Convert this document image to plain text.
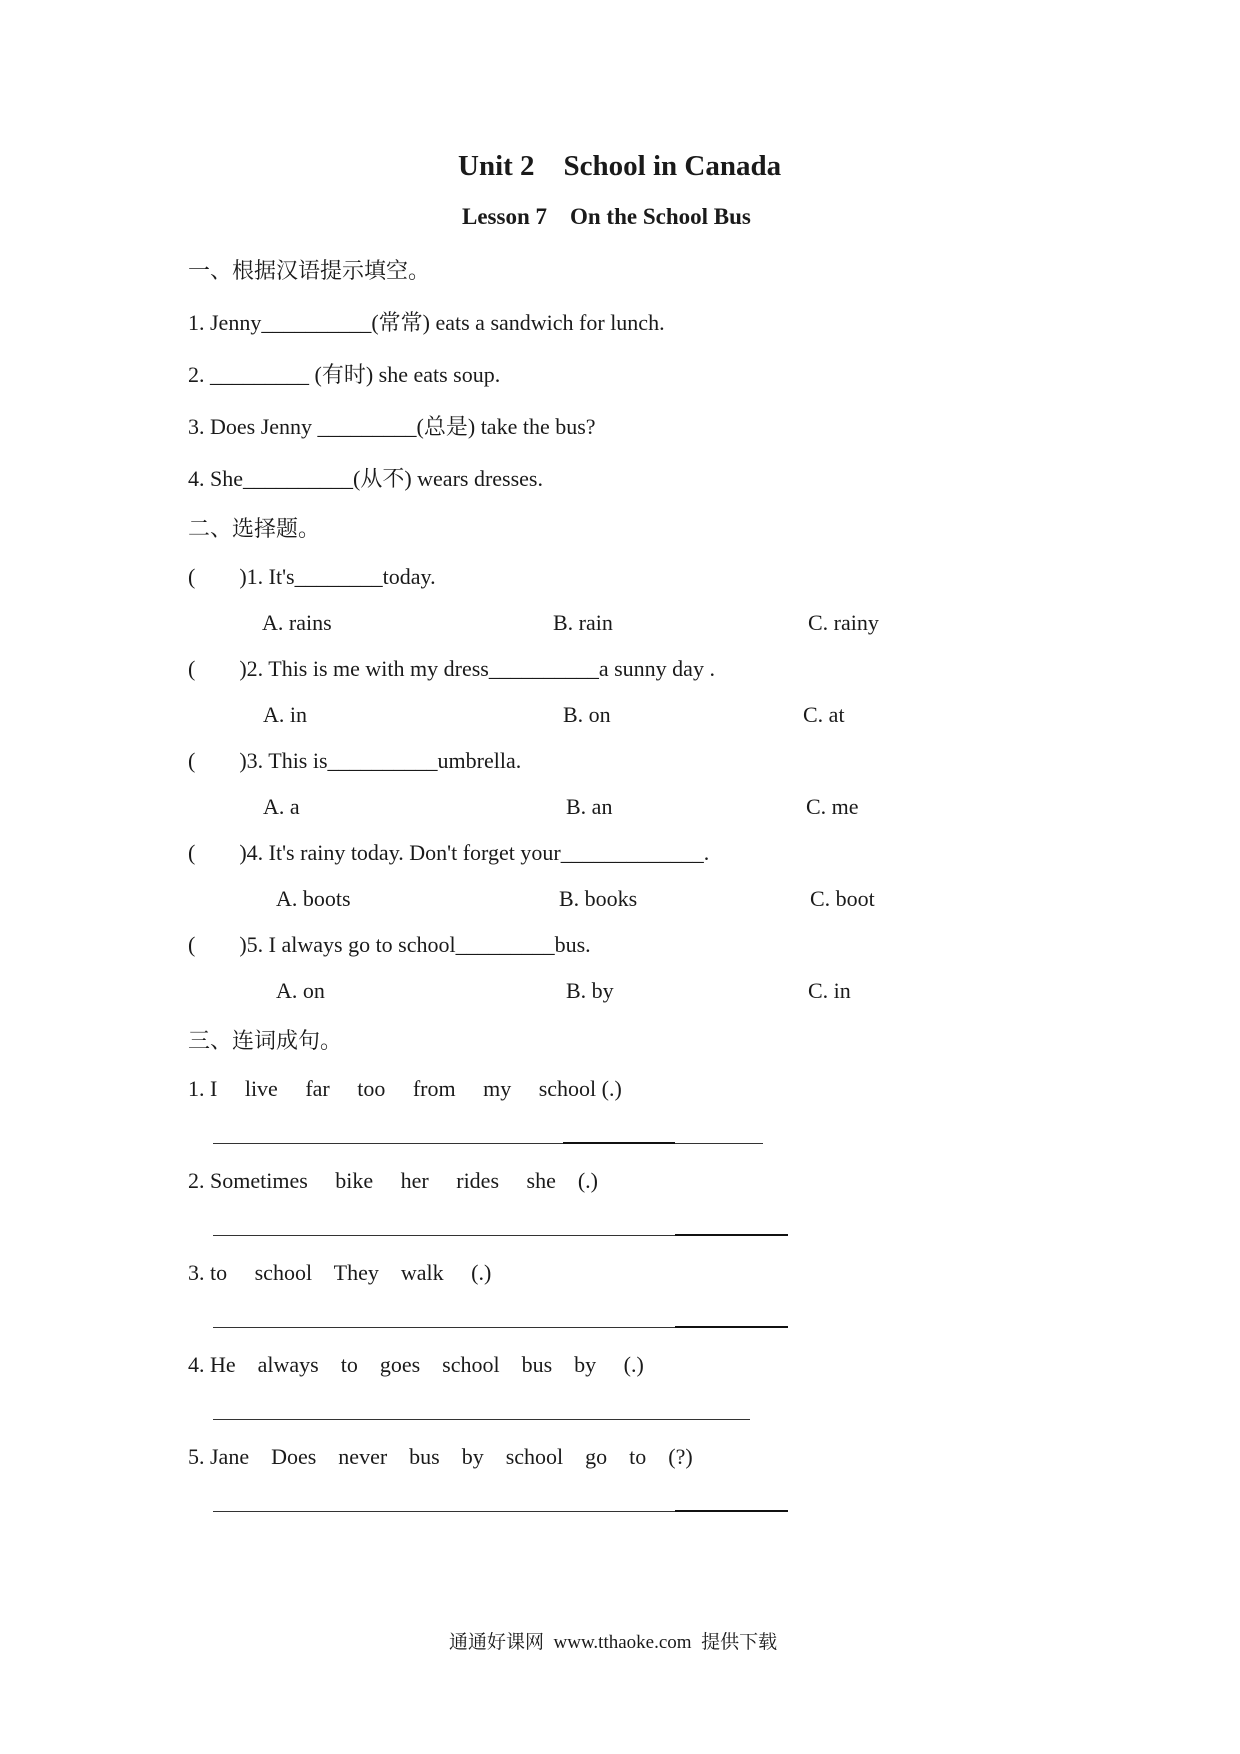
Unit 2    School in Canada
Lesson 7    On the School Bus
一、根据汉语提示填空。
1. Jenny__________(常常) eats a sandwich for lunch.
2. _________ (有时) she eats soup.
3. Does Jenny _________(总是) take the bus?
4. She__________(从不) wears dresses.
二、选择题。
(        )1. It's________today.
A. rains	B. rain	C. rainy
(        )2. This is me with my dress__________a sunny day .
A. in	B. on	C. at
(        )3. This is__________umbrella.
A. a	B. an	C. me
(        )4. It's rainy today. Don't forget your_____________.
A. boots	B. books	C. boot
(        )5. I always go to school_________bus.
A. on	B. by	C. in
三、连词成句。
1. I     live     far     too     from     my     school (.)
2. Sometimes     bike     her     rides     she    (.)
3. to     school    They    walk     (.)
4. He    always    to    goes    school    bus    by     (.)
5. Jane    Does    never    bus    by    school    go    to    (?)
通通好课网  www.tthaoke.com  提供下载
